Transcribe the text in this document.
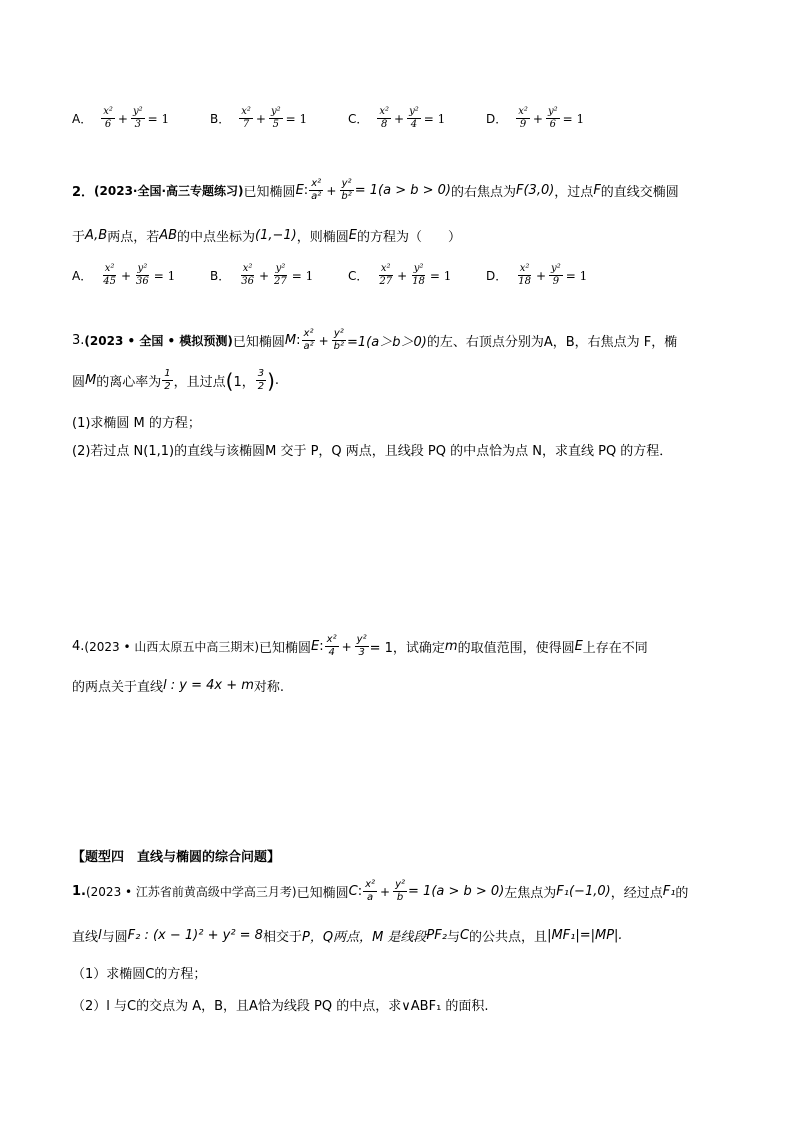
A． $\frac{\text{x²}}{6} + \frac{\text{y²}}{3} = 1$	B． $\frac{\text{x²}}{7} + \frac{\text{y²}}{5} = 1$	C． $\frac{\text{x²}}{8} + \frac{\text{y²}}{4} = 1$	D． $\frac{\text{x²}}{9} + \frac{\text{y²}}{6} = 1$
2． (2023·全国·高三专题练习) 已知椭圆 E : $\frac{\text{x²}}{\text{a²}} + \frac{\text{y²}}{\text{b²}} = 1(a > b > 0)$ 的右焦点为 F(3,0) ，过点 F 的直线交椭圆
于 A,B 两点，若 AB 的中点坐标为 (1,−1) ，则椭圆 E 的方程为（　　）
A． $\frac{\text{x²}}{45} + \frac{\text{y²}}{36} = 1$	B． $\frac{\text{x²}}{36} + \frac{\text{y²}}{27} = 1$	C． $\frac{\text{x²}}{27} + \frac{\text{y²}}{18} = 1$	D． $\frac{\text{x²}}{18} + \frac{\text{y²}}{9} = 1$
3. (2023 • 全国 • 模拟预测) 已知椭圆 M : $\frac{\text{x²}}{\text{a²}} + \frac{\text{y²}}{\text{b²}} =1(a>b>0)$ 的左、右顶点分别为 A，B，右焦点为 F，椭
圆 M 的离心率为 $\frac{1}{2}$ ，且过点 ( 1， $\frac{3}{2}$ ) .
(1)求椭圆 M 的方程；
(2)若过点 N(1,1)的直线与该椭圆M 交于 P，Q 两点，且线段 PQ 的中点恰为点 N，求直线 PQ 的方程．
4. (2023 • 山西太原五中高三期末) 已知椭圆 E : $\frac{\text{x²}}{4} + \frac{\text{y²}}{3} = 1$，试确定 m 的取值范围，使得圆 E 上存在不同
的两点关于直线 l : y = 4x + m 对称.
【题型四　直线与椭圆的综合问题】
1. (2023 • 江苏省前黄高级中学高三月考) 已知椭圆 C : $\frac{\text{x²}}{a} + \frac{\text{y²}}{b} = 1(a > b > 0)$ 左焦点为 F₁(−1,0) ，经过点 F₁ 的
直线 l 与圆 F₂ : (x − 1)² + y² = 8 相交于 P，Q两点， M 是线段 PF₂ 与 C 的公共点，且 |MF₁|=|MP|.
（1）求椭圆C的方程；
（2）l 与C的交点为 A，B，且A恰为线段 PQ 的中点，求∨ABF₁ 的面积.
